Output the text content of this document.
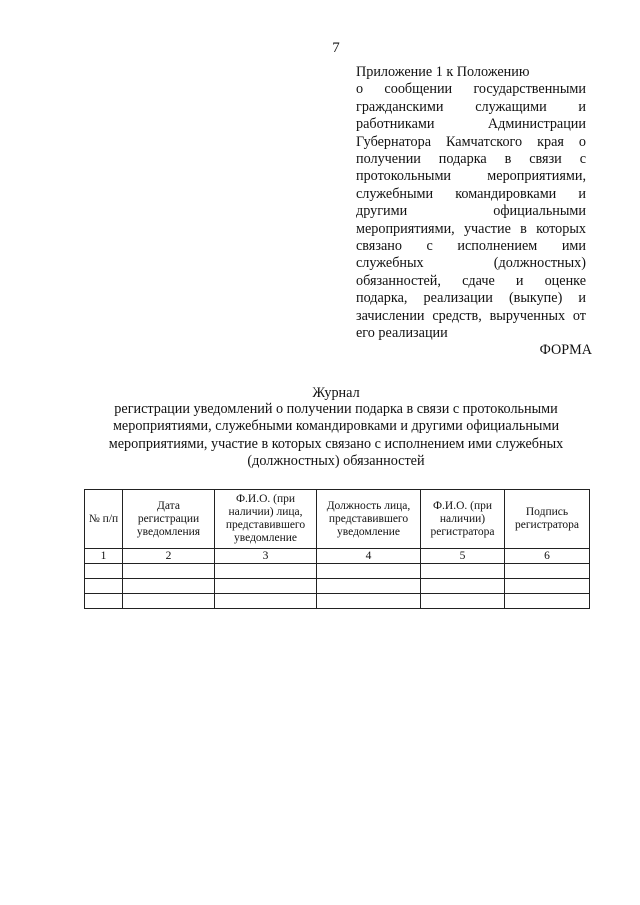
7
Приложение 1 к Положению
о сообщении государственными гражданскими служащими и работниками Администрации Губернатора Камчатского края о получении подарка в связи с протокольными мероприятиями, служебными командировками и другими официальными мероприятиями, участие в которых связано с исполнением ими служебных (должностных) обязанностей, сдаче и оценке подарка, реализации (выкупе) и зачислении средств, вырученных от его реализации
ФОРМА
Журнал
регистрации уведомлений о получении подарка в связи с протокольными мероприятиями, служебными командировками и другими официальными мероприятиями, участие в которых связано с исполнением ими служебных (должностных) обязанностей
№ п/п	Дата регистрации уведомления	Ф.И.О. (при наличии) лица, представившего уведомление	Должность лица, представившего уведомление	Ф.И.О. (при наличии) регистратора	Подпись регистратора
1	2	3	4	5	6
